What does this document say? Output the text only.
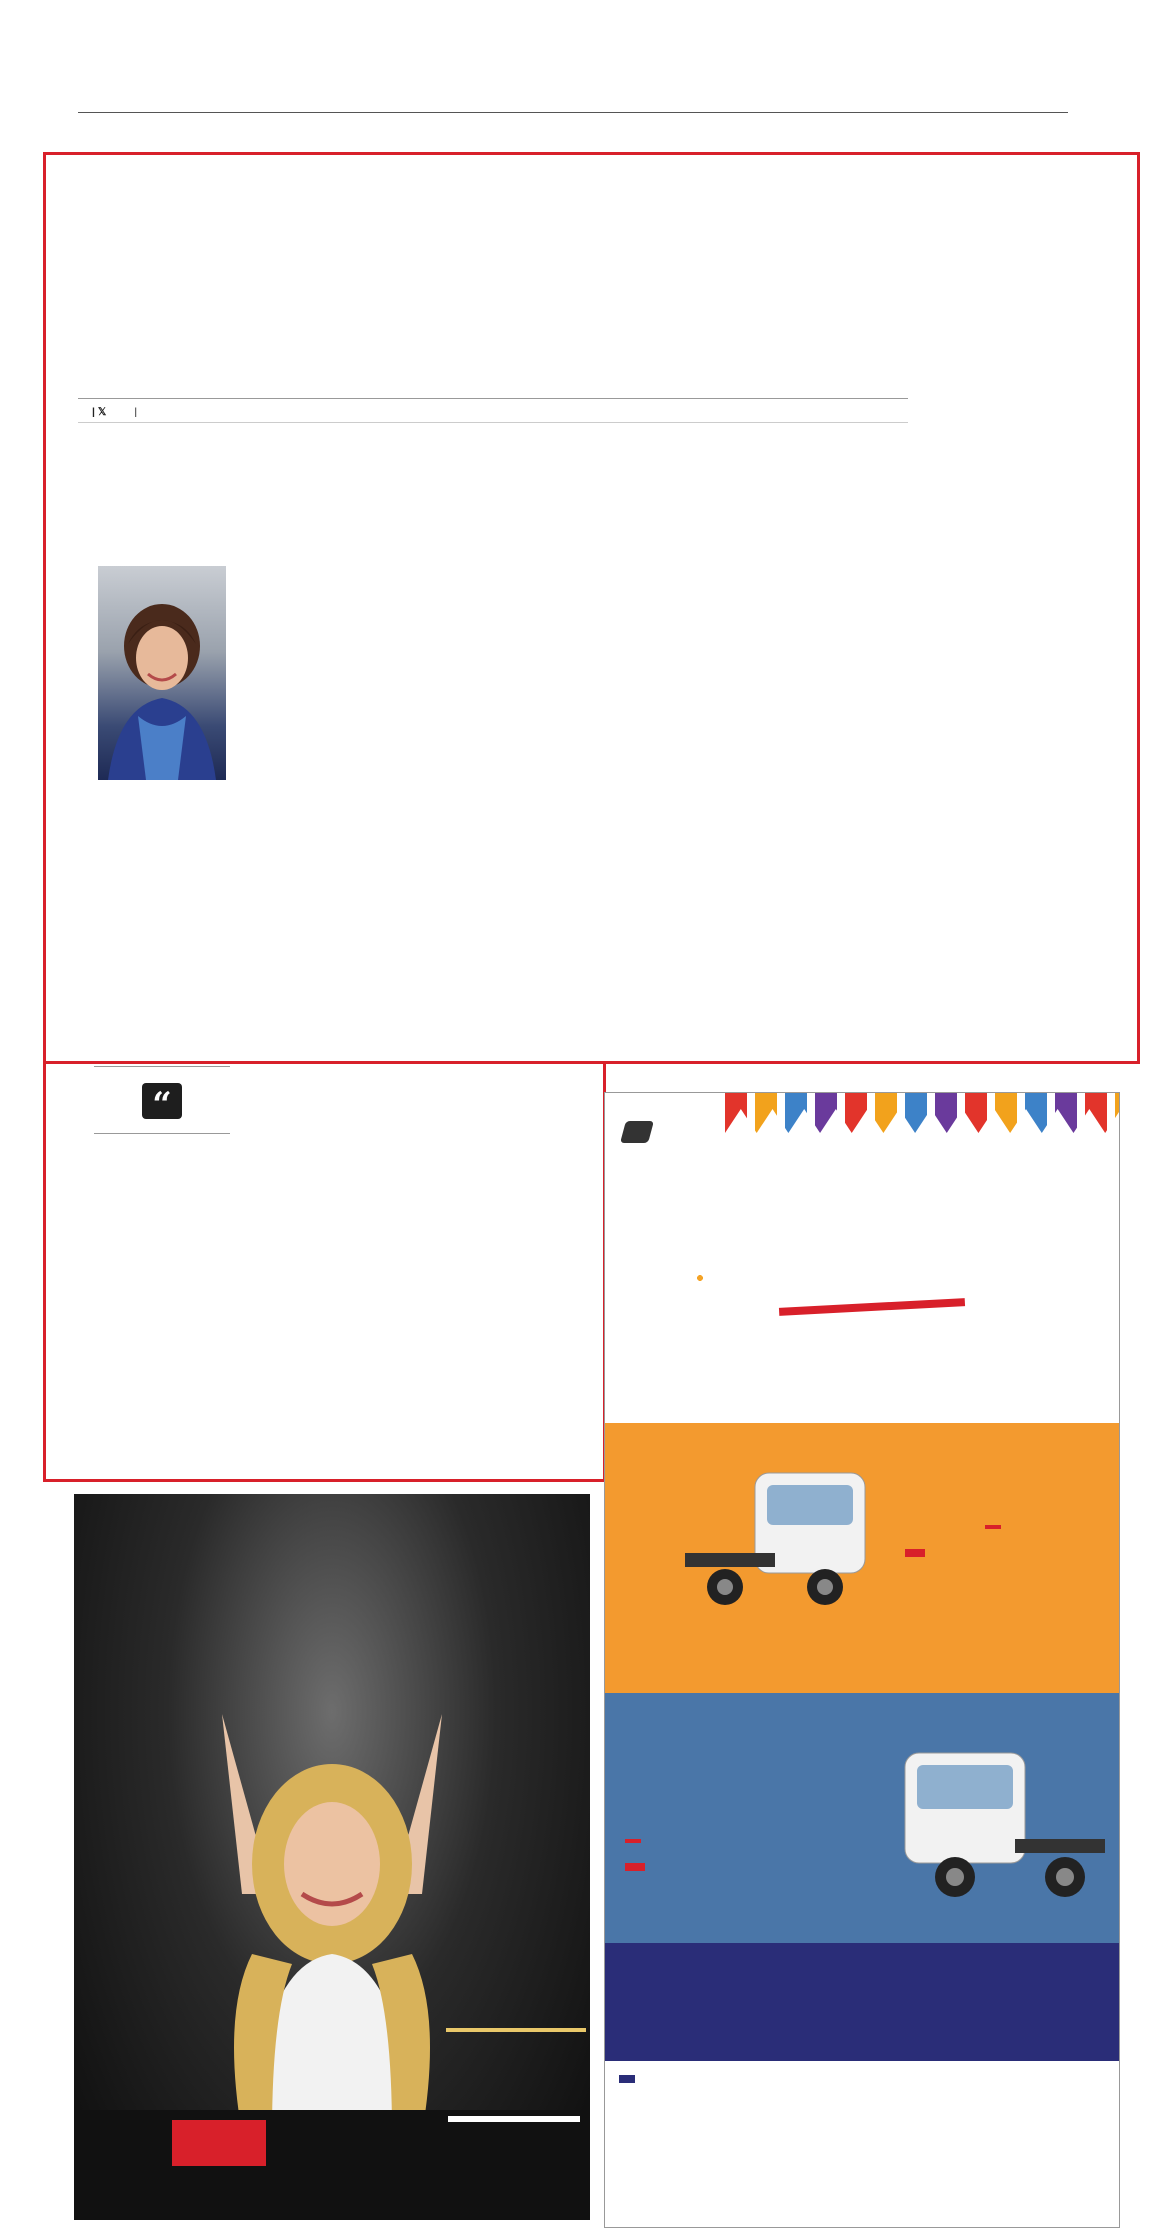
| 𝕏	|
“
